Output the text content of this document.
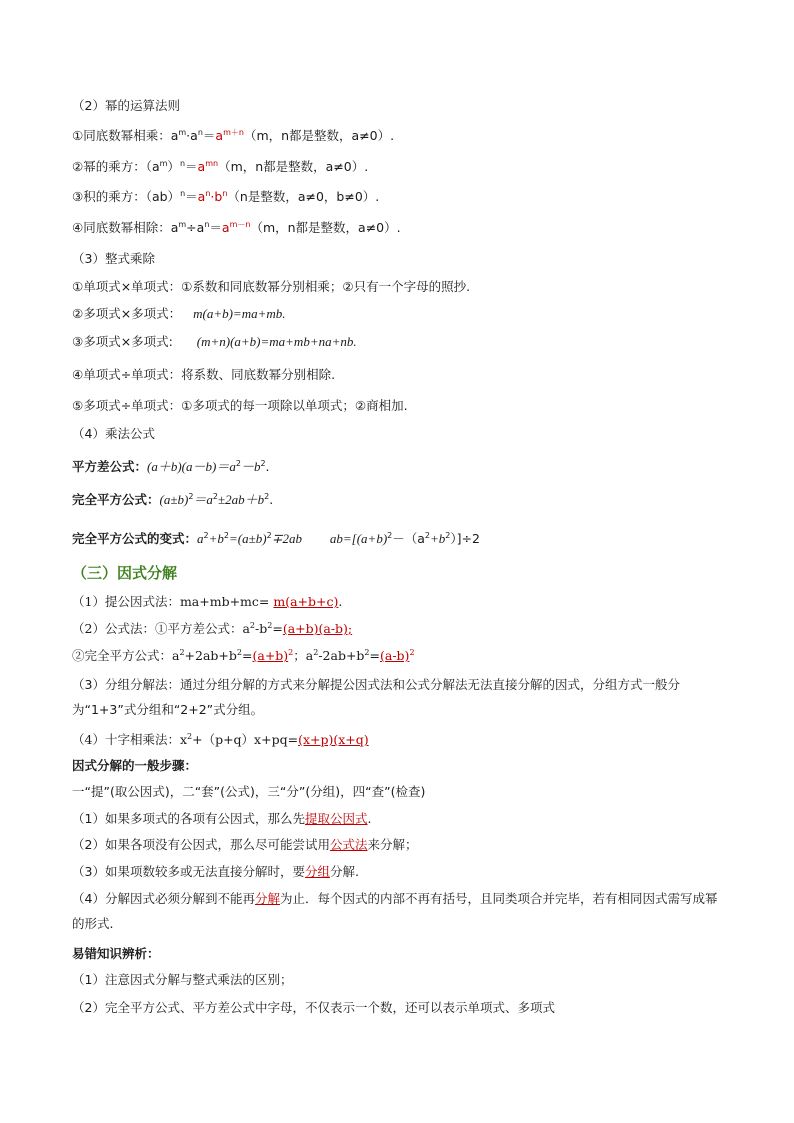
（2）幂的运算法则
①同底数幂相乘：$a^m\cdot a^n=a^{m+n}(m$，n都是整数，a≠0）.
②幂的乘方：$(a^m)^n=a^{mn}(m$，n都是整数，a≠0）.
③积的乘方：$(ab)^n=a^n\cdot b^n(n$是整数，a≠0，b≠0）.
④同底数幂相除：$a^m\div a^n=a^{m-n}(m$，n都是整数，a≠0）.
（3）整式乘除
①单项式×单项式：①系数和同底数幂分别相乘；②只有一个字母的照抄.
②多项式×多项式： m(a+b)=ma+mb.
③多项式×多项式: (m+n)(a+b)=ma+mb+na+nb.
④单项式÷单项式：将系数、同底数幂分别相除.
⑤多项式÷单项式：①多项式的每一项除以单项式；②商相加.
（4）乘法公式
平方差公式：$(a+b)(a-b)=a^2-b^2$.
完全平方公式：$(a\pm b)^2=a^2\pm 2ab+b^2$.
完全平方公式的变式：$a^2+b^2=(a\pm b)^2\mp 2ab$ $ab=[(a+b)^2-(a^2+b^2)]\div 2$
（三）因式分解
（1）提公因式法：ma+mb+mc= m(a+b+c).
（2）公式法：①平方差公式：$a^2-b^2=(a+b)(a-b)$;
②完全平方公式：$a^2+2ab+b^2=(a+b)^2$；$a^2-2ab+b^2=(a-b)^2$
（3）分组分解法：通过分组分解的方式来分解提公因式法和公式分解法无法直接分解的因式，分组方式一般分为“1+3”式分组和“2+2”式分组。
（4）十字相乘法：$x^2+(p+q)x+pq=(x+p)(x+q)$
因式分解的一般步骤：
一“提”(取公因式)，二“套”(公式)，三“分”(分组)，四“查”(检查)
（1）如果多项式的各项有公因式，那么先提取公因式.
（2）如果各项没有公因式，那么尽可能尝试用公式法来分解；
（3）如果项数较多或无法直接分解时，要分组分解.
（4）分解因式必须分解到不能再分解为止．每个因式的内部不再有括号，且同类项合并完毕，若有相同因式需写成幂的形式.
易错知识辨析：
（1）注意因式分解与整式乘法的区别；
（2）完全平方公式、平方差公式中字母，不仅表示一个数，还可以表示单项式、多项式
